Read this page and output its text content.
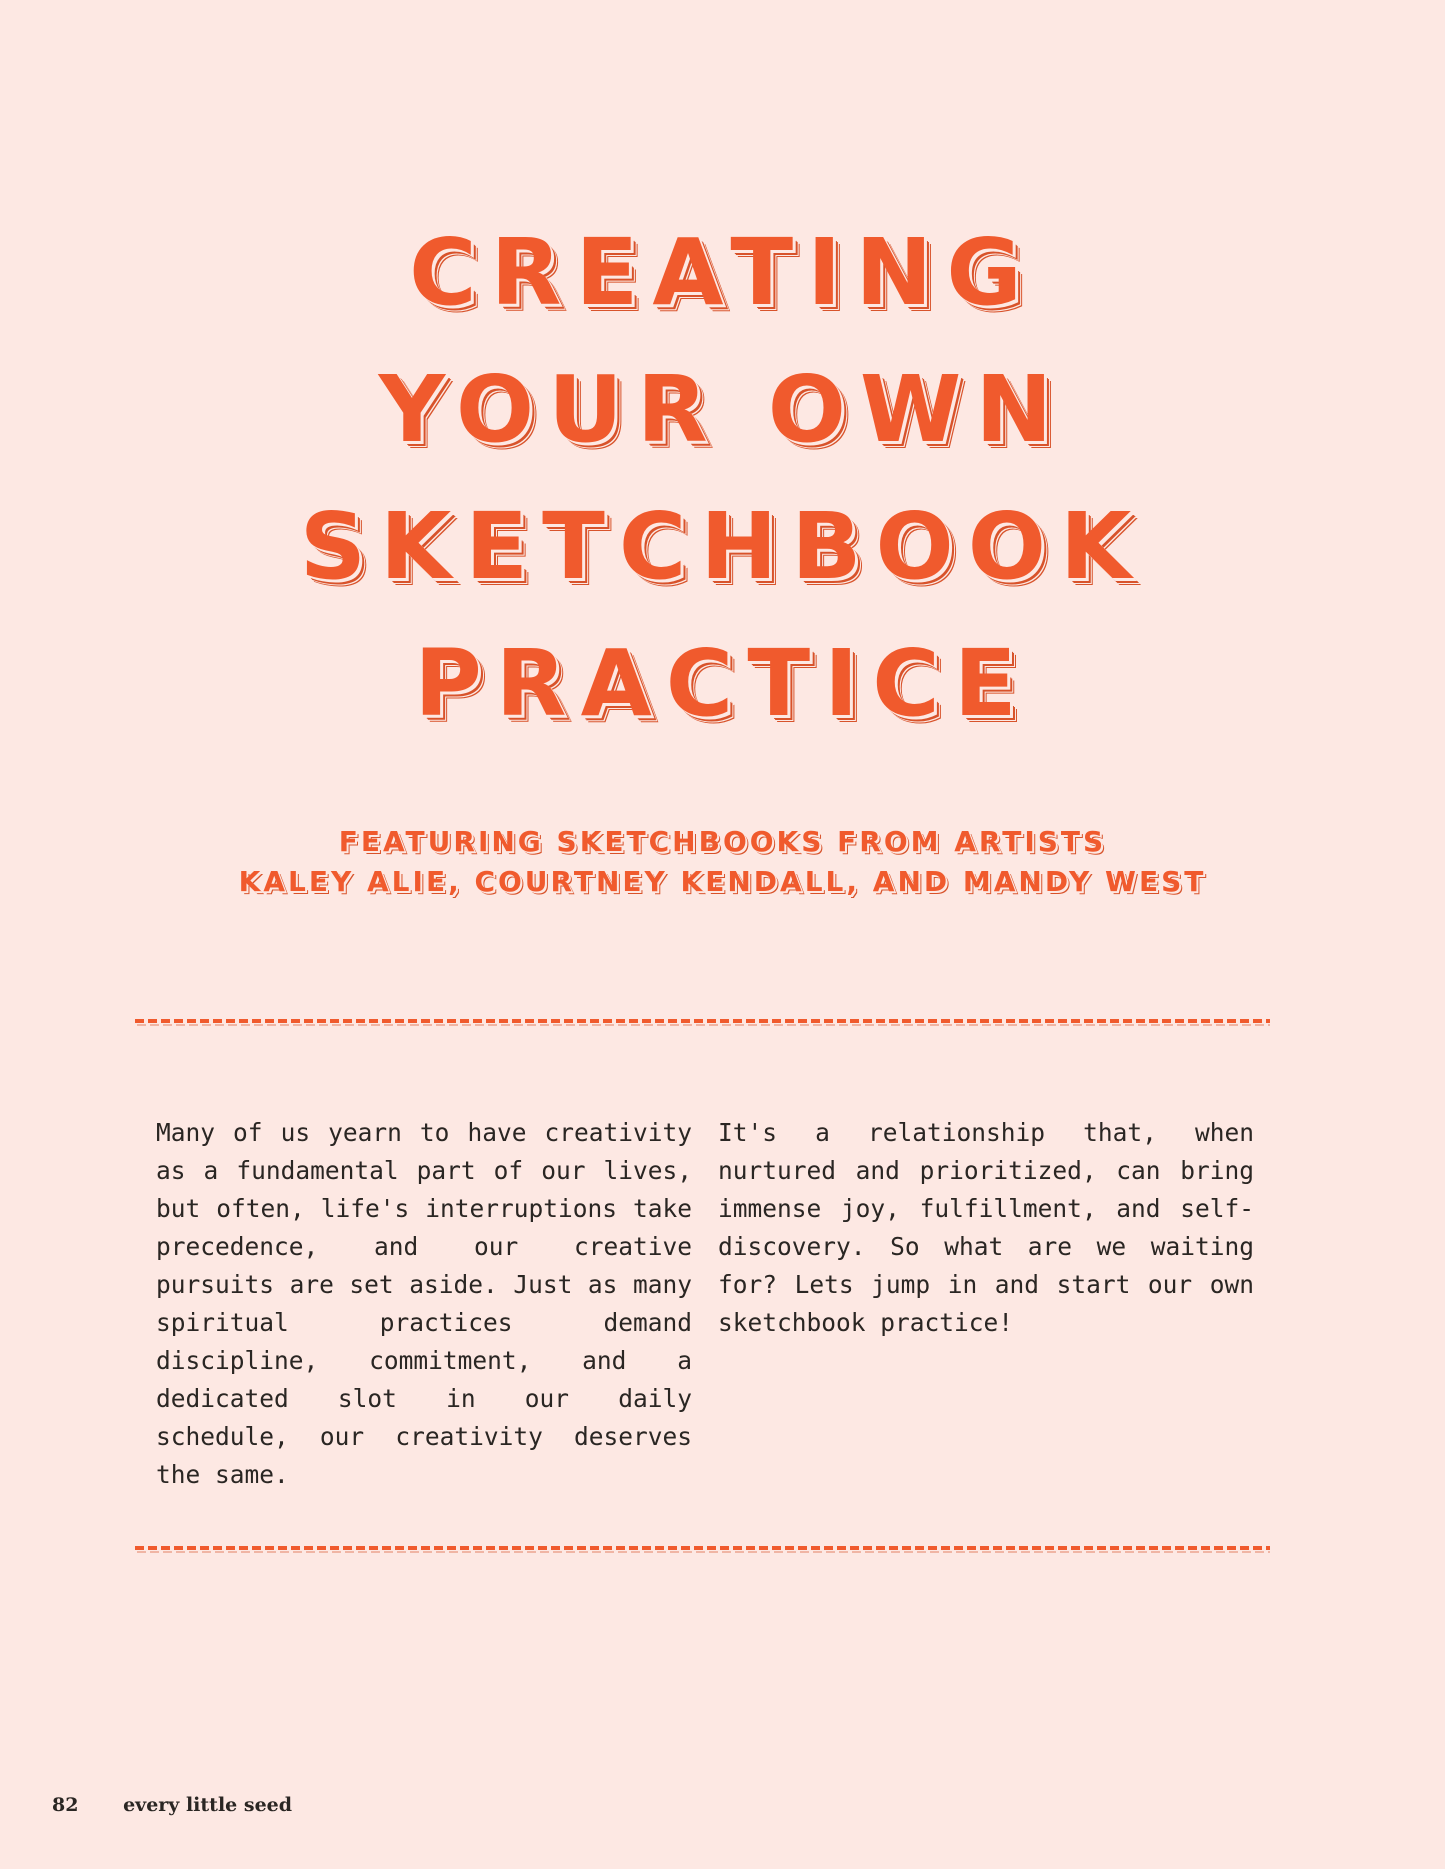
CREATING
YOUR OWN
SKETCHBOOK
PRACTICE
FEATURING SKETCHBOOKS FROM ARTISTS
KALEY ALIE, COURTNEY KENDALL, AND MANDY WEST

Many of us yearn to have creativity as a fundamental part of our lives, but often, life's interruptions take precedence, and our creative pursuits are set aside. Just as many spiritual practices demand discipline, commitment, and a dedicated slot in our daily schedule, our creativity deserves the same.

It's a relationship that, when nurtured and prioritized, can bring immense joy, fulfillment, and self-discovery. So what are we waiting for? Lets jump in and start our own sketchbook practice!

82 every little seed
